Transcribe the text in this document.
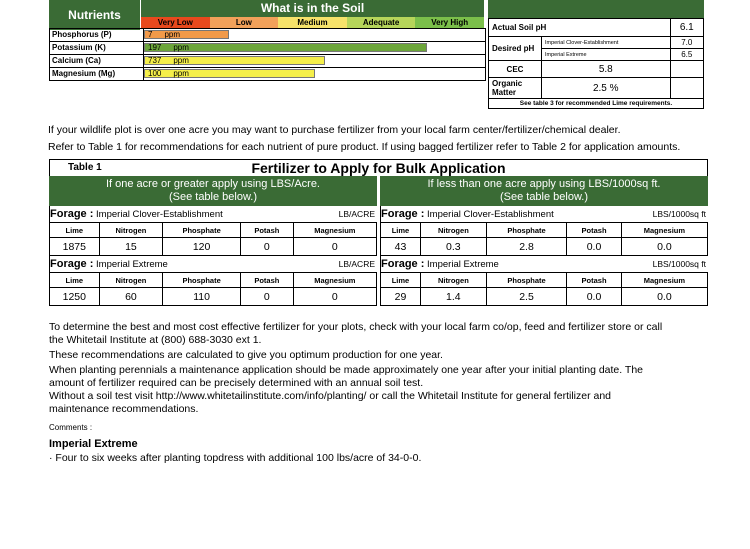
Nutrients	What is in the Soil
Very Low	Low	Medium	Adequate	Very High
Phosphorus (P)	7 ppm
Potassium (K)	197 ppm
Calcium (Ca)	737 ppm
Magnesium (Mg)	100 ppm
Actual Soil pH		6.1
Desired pH	Imperial Clover-Establishment	7.0
	Imperial Extreme	6.5
CEC	5.8	
Organic Matter	2.5 %	
See table 3 for recommended Lime requirements.		
If your wildlife plot is over one acre you may want to purchase fertilizer from your local farm center/fertilizer/chemical dealer.
Refer to Table 1 for recommendations for each nutrient of pure product. If using bagged fertilizer refer to Table 2 for application amounts.
Table 1	Fertilizer to Apply for Bulk Application
If one acre or greater apply using LBS/Acre.
(See table below.)
If less than one acre apply using LBS/1000sq ft.
(See table below.)
Forage : Imperial Clover-Establishment	LB/ACRE
Lime	Nitrogen	Phosphate	Potash	Magnesium
1875	15	120	0	0
Forage : Imperial Clover-Establishment	LBS/1000sq ft
Lime	Nitrogen	Phosphate	Potash	Magnesium
43	0.3	2.8	0.0	0.0
Forage : Imperial Extreme	LB/ACRE
Lime	Nitrogen	Phosphate	Potash	Magnesium
1250	60	110	0	0
Forage : Imperial Extreme	LBS/1000sq ft
Lime	Nitrogen	Phosphate	Potash	Magnesium
29	1.4	2.5	0.0	0.0
To determine the best and most cost effective fertilizer for your plots, check with your local farm co/op, feed and fertilizer store or call
the Whitetail Institute at (800) 688-3030 ext 1.
These recommendations are calculated to give you optimum production for one year.
When planting perennials a maintenance application should be made approximately one year after your initial planting date. The
amount of fertilizer required can be precisely determined with an annual soil test.
Without a soil test visit http://www.whitetailinstitute.com/info/planting/ or call the Whitetail Institute for general fertilizer and
maintenance recommendations.
Comments :
Imperial Extreme
· Four to six weeks after planting topdress with additional 100 lbs/acre of 34-0-0.
